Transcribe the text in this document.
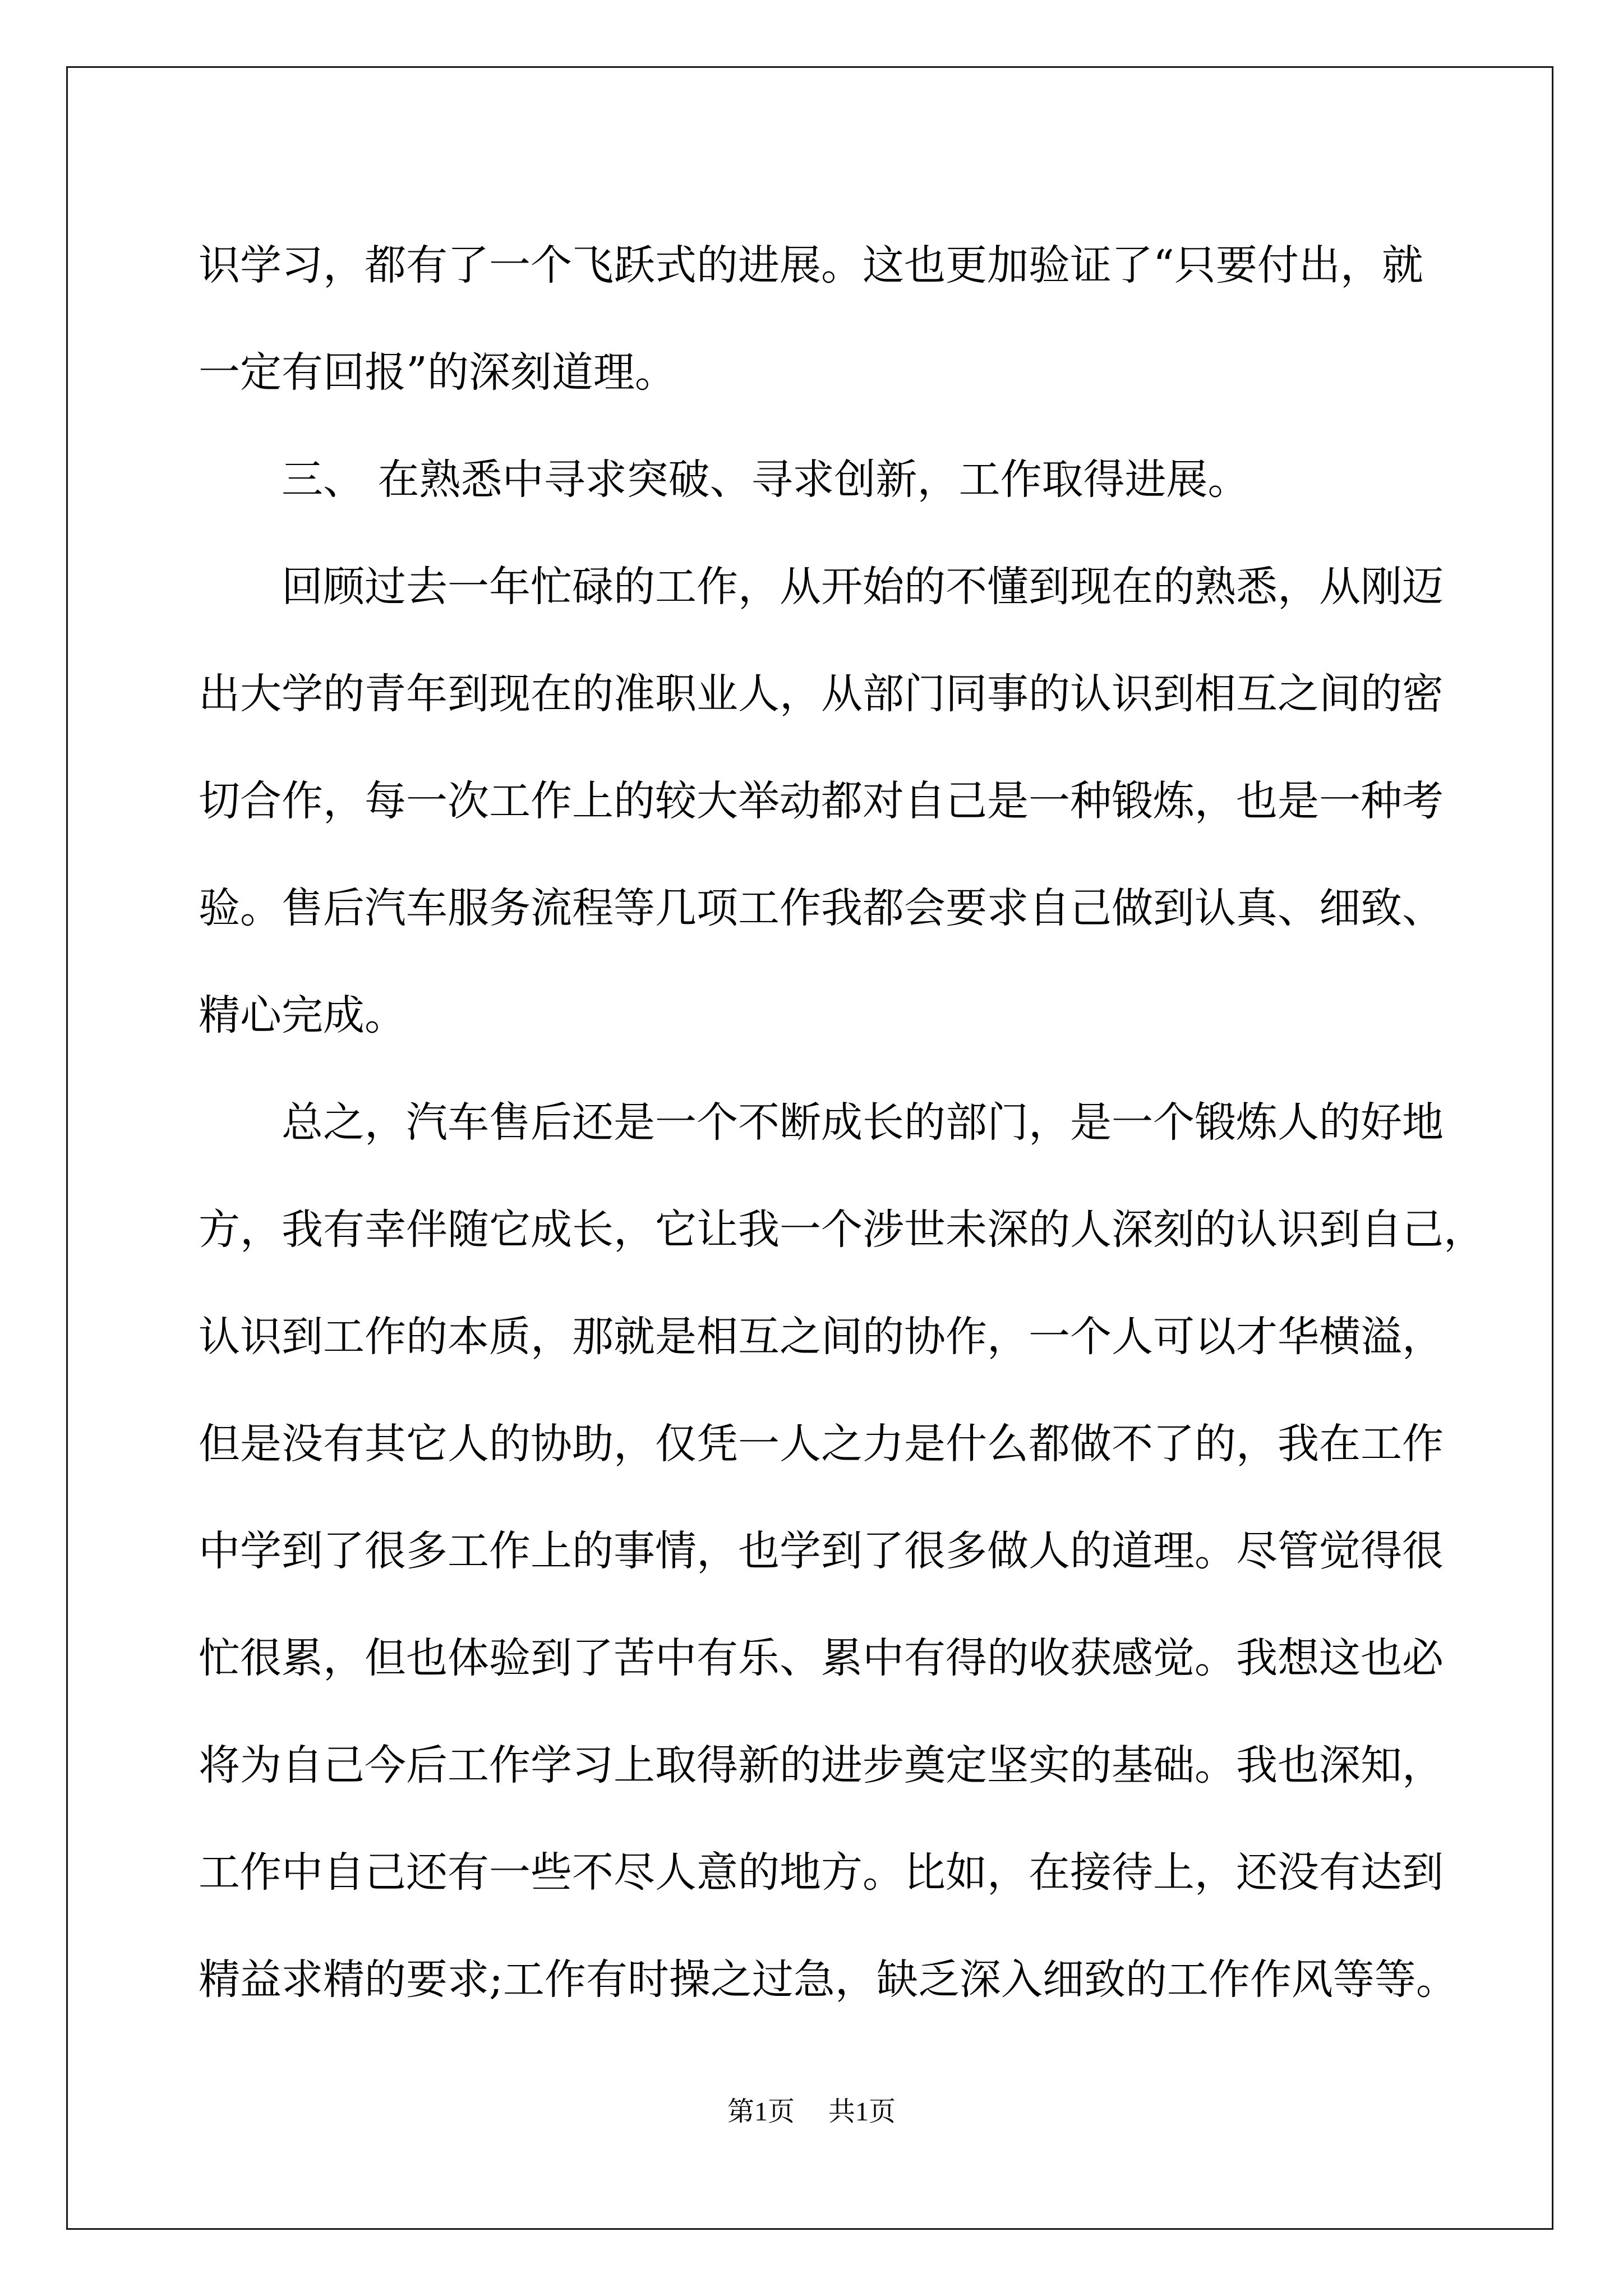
识学习，都有了一个飞跃式的进展。这也更加验证了“只要付出，就
一定有回报”的深刻道理。
三、 在熟悉中寻求突破、寻求创新，工作取得进展。
回顾过去一年忙碌的工作，从开始的不懂到现在的熟悉，从刚迈
出大学的青年到现在的准职业人，从部门同事的认识到相互之间的密
切合作，每一次工作上的较大举动都对自己是一种锻炼，也是一种考
验。售后汽车服务流程等几项工作我都会要求自己做到认真、细致、
精心完成。
总之，汽车售后还是一个不断成长的部门，是一个锻炼人的好地
方，我有幸伴随它成长，它让我一个涉世未深的人深刻的认识到自己，
认识到工作的本质，那就是相互之间的协作，一个人可以才华横溢，
但是没有其它人的协助，仅凭一人之力是什么都做不了的，我在工作
中学到了很多工作上的事情，也学到了很多做人的道理。尽管觉得很
忙很累，但也体验到了苦中有乐、累中有得的收获感觉。我想这也必
将为自己今后工作学习上取得新的进步奠定坚实的基础。我也深知，
工作中自己还有一些不尽人意的地方。比如，在接待上，还没有达到
精益求精的要求;工作有时操之过急，缺乏深入细致的工作作风等等。
第1页 共1页
